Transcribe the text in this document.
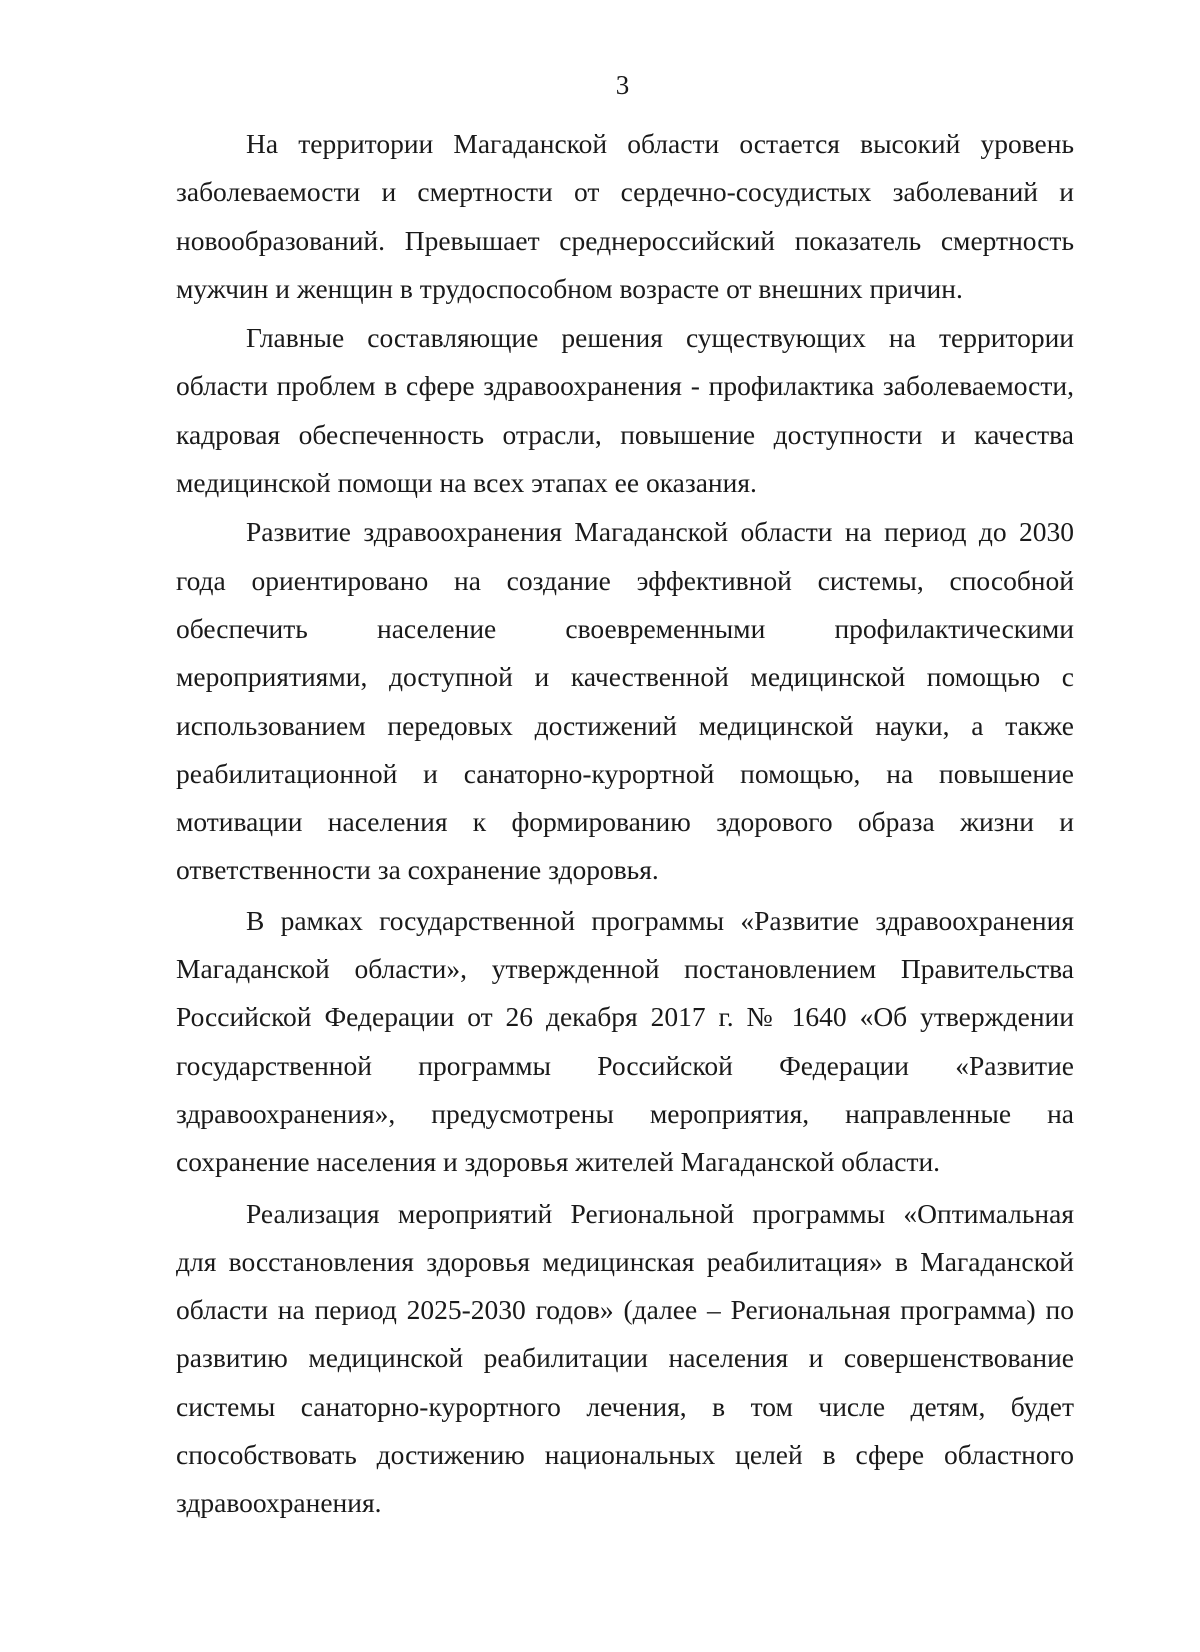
3

На территории Магаданской области остается высокий уровень заболеваемости и смертности от сердечно-сосудистых заболеваний и новообразований. Превышает среднероссийский показатель смертность мужчин и женщин в трудоспособном возрасте от внешних причин.

Главные составляющие решения существующих на территории области проблем в сфере здравоохранения - профилактика заболеваемости, кадровая обеспеченность отрасли, повышение доступности и качества медицинской помощи на всех этапах ее оказания.

Развитие здравоохранения Магаданской области на период до 2030 года ориентировано на создание эффективной системы, способной обеспечить население своевременными профилактическими мероприятиями, доступной и качественной медицинской помощью с использованием передовых достижений медицинской науки, а также реабилитационной и санаторно-курортной помощью, на повышение мотивации населения к формированию здорового образа жизни и ответственности за сохранение здоровья.

В рамках государственной программы «Развитие здравоохранения Магаданской области», утвержденной постановлением Правительства Российской Федерации от 26 декабря 2017 г. № 1640 «Об утверждении государственной программы Российской Федерации «Развитие здравоохранения», предусмотрены мероприятия, направленные на сохранение населения и здоровья жителей Магаданской области.

Реализация мероприятий Региональной программы «Оптимальная для восстановления здоровья медицинская реабилитация» в Магаданской области на период 2025-2030 годов» (далее – Региональная программа) по развитию медицинской реабилитации населения и совершенствование системы санаторно-курортного лечения, в том числе детям, будет способствовать достижению национальных целей в сфере областного здравоохранения.
